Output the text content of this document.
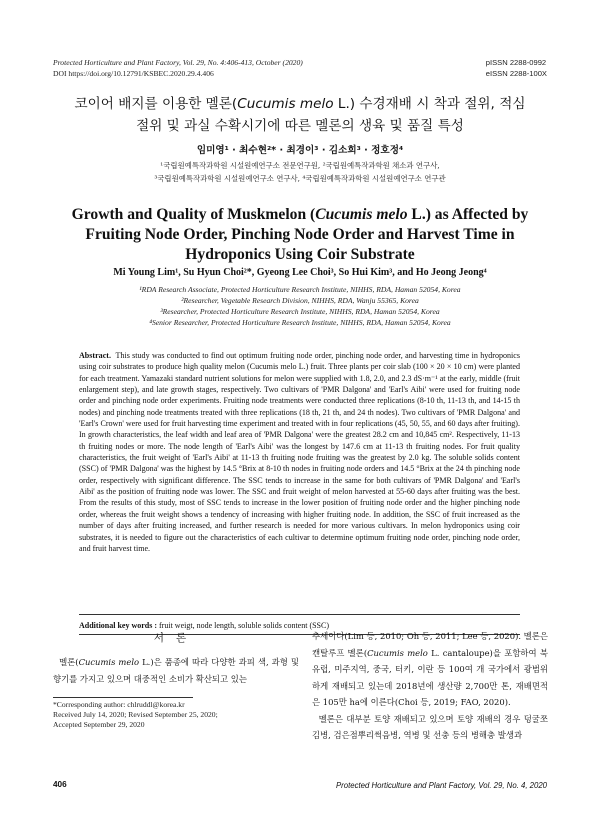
Protected Horticulture and Plant Factory, Vol. 29, No. 4:406-413, October (2020)
DOI https://doi.org/10.12791/KSBEC.2020.29.4.406
pISSN 2288-0992
eISSN 2288-100X
코이어 배지를 이용한 멜론(Cucumis melo L.) 수경재배 시 착과 절위, 적심
절위 및 과실 수확시기에 따른 멜론의 생육 및 품질 특성
임미영¹ · 최수현²* · 최경이³ · 김소희³ · 정호정⁴
¹국립원예특작과학원 시설원예연구소 전문연구원, ²국립원예특작과학원 채소과 연구사,
³국립원예특작과학원 시설원예연구소 연구사, ⁴국립원예특작과학원 시설원예연구소 연구관
Growth and Quality of Muskmelon (Cucumis melo L.) as Affected by
Fruiting Node Order, Pinching Node Order and Harvest Time in
Hydroponics Using Coir Substrate
Mi Young Lim¹, Su Hyun Choi²*, Gyeong Lee Choi³, So Hui Kim³, and Ho Jeong Jeong⁴
¹RDA Research Associate, Protected Horticulture Research Institute, NIHHS, RDA, Haman 52054, Korea
²Researcher, Vegetable Research Division, NIHHS, RDA, Wanju 55365, Korea
³Researcher, Protected Horticulture Research Institute, NIHHS, RDA, Haman 52054, Korea
⁴Senior Researcher, Protected Horticulture Research Institute, NIHHS, RDA, Haman 52054, Korea
Abstract. This study was conducted to find out optimum fruiting node order, pinching node order, and harvesting time in hydroponics using coir substrates to produce high quality melon (Cucumis melo L.) fruit. Three plants per coir slab (100 × 20 × 10 cm) were planted for each treatment. Yamazaki standard nutrient solutions for melon were supplied with 1.8, 2.0, and 2.3 dS·m⁻¹ at the early, middle (fruit enlargement step), and late growth stages, respectively. Two cultivars of 'PMR Dalgona' and 'Earl's Aibi' were used for fruiting node order and pinching node order experiments. Fruiting node treatments were conducted three replications (8-10 th, 11-13 th, and 14-15 th nodes) and pinching node treatments treated with three replications (18 th, 21 th, and 24 th nodes). Two cultivars of 'PMR Dalgona' and 'Earl's Crown' were used for fruit harvesting time experiment and treated with in four replications (45, 50, 55, and 60 days after fruiting). In growth characteristics, the leaf width and leaf area of 'PMR Dalgona' were the greatest 28.2 cm and 10,845 cm². Respectively, 11-13 th fruiting nodes or more. The node length of 'Earl's Aibi' was the longest by 147.6 cm at 11-13 th fruiting nodes. For fruit quality characteristics, the fruit weight of 'Earl's Aibi' at 11-13 th fruiting node fruiting was the greatest by 2.0 kg. The soluble solids content (SSC) of 'PMR Dalgona' was the highest by 14.5 °Brix at 8-10 th nodes in fruiting node orders and 14.5 °Brix at the 24 th pinching node order, respectively with significant difference. The SSC tends to increase in the same for both cultivars of 'PMR Dalgona' and 'Earl's Aibi' as the position of fruiting node was lower. The SSC and fruit weight of melon harvested at 55-60 days after fruiting was the best. From the results of this study, most of SSC tends to increase in the lower position of fruiting node order and the higher pinching node order, whereas the fruit weight shows a tendency of increasing with higher fruiting node. In addition, the SSC of fruit increased as the number of days after fruiting increased, and further research is needed for more various cultivars. In melon hydroponics using coir substrates, it is needed to figure out the characteristics of each cultivar to determine optimum fruiting node order, pinching node order, and fruit harvest time.
Additional key words : fruit weigt, node length, soluble solids content (SSC)
서론
멜론(Cucumis melo L.)은 품종에 따라 다양한 과피 색, 과형 및 향기를 가지고 있으며 대중적인 소비가 확산되고 있는
*Corresponding author: chlruddl@korea.kr
Received July 14, 2020; Revised September 25, 2020;
Accepted September 29, 2020
추세이다(Lim 등, 2010; Oh 등, 2011; Lee 등, 2020). 멜론은 캔탈루프 멜론(Cucumis melo L. cantaloupe)을 포함하여 북유럽, 미주지역, 중국, 터키, 이란 등 100여 개 국가에서 광범위하게 재배되고 있는데 2018년에 생산량 2,700만 톤, 재배면적은 105만 ha에 이른다(Choi 등, 2019; FAO, 2020).
멜론은 대부분 토양 재배되고 있으며 토양 재배의 경우 덩굴쪼김병, 검은점뿌리썩음병, 역병 및 선충 등의 병해충 발생과
406	Protected Horticulture and Plant Factory, Vol. 29, No. 4, 2020
